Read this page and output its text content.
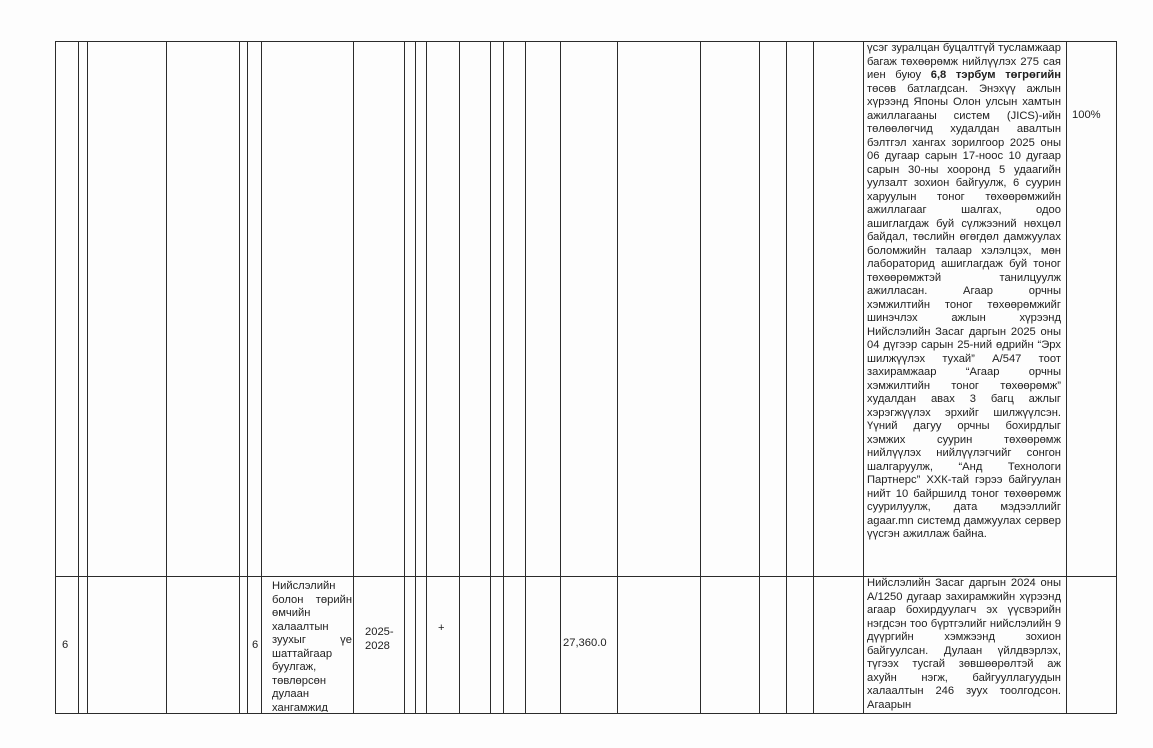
үсэг зуралцан буцалтгүй тусламжаар багаж төхөөрөмж нийлүүлэх 275 сая иен буюу 6,8 тэрбум төгрөгийн төсөв батлагдсан. Энэхүү ажлын хүрээнд Японы Олон улсын хамтын ажиллагааны систем (JICS)-ийн төлөөлөгчид худалдан авалтын бэлтгэл хангах зорилгоор 2025 оны 06 дугаар сарын 17-ноос 10 дугаар сарын 30-ны хооронд 5 удаагийн уулзалт зохион байгуулж, 6 суурин харуулын тоног төхөөрөмжийн ажиллагааг шалгах, одоо ашиглагдаж буй сүлжээний нөхцөл байдал, төслийн өгөгдөл дамжуулах боломжийн талаар хэлэлцэх, мөн лабораторид ашиглагдаж буй тоног төхөөрөмжтэй танилцуулж ажилласан. Агаар орчны хэмжилтийн тоног төхөөрөмжийг шинэчлэх ажлын хүрээнд Нийслэлийн Засаг даргын 2025 оны 04 дүгээр сарын 25-ний өдрийн “Эрх шилжүүлэх тухай” А/547 тоот захирамжаар “Агаар орчны хэмжилтийн тоног төхөөрөмж” худалдан авах 3 багц ажлыг хэрэгжүүлэх эрхийг шилжүүлсэн. Үүний дагуу орчны бохирдлыг хэмжих суурин төхөөрөмж нийлүүлэх нийлүүлэгчийг сонгон шалгаруулж, “Анд Технологи Партнерс” ХХК-тай гэрээ байгуулан нийт 10 байршилд тоног төхөөрөмж суурилуулж, дата мэдээллийг agaar.mn системд дамжуулах сервер үүсгэн ажиллаж байна.
100%
6	6
Нийслэлийн болон төрийн өмчийн халаалтын зуухыг үе шаттайгаар буулгаж, төвлөрсөн дулаан хангамжид
2025-2028
+
27,360.0
Нийслэлийн Засаг даргын 2024 оны А/1250 дугаар захирамжийн хүрээнд агаар бохирдуулагч эх үүсвэрийн нэгдсэн тоо бүртгэлийг нийслэлийн 9 дүүргийн хэмжээнд зохион байгуулсан. Дулаан үйлдвэрлэх, түгээх тусгай зөвшөөрөлтэй аж ахуйн нэгж, байгууллагуудын халаалтын 246 зуух тоолгодсон. Агаарын
